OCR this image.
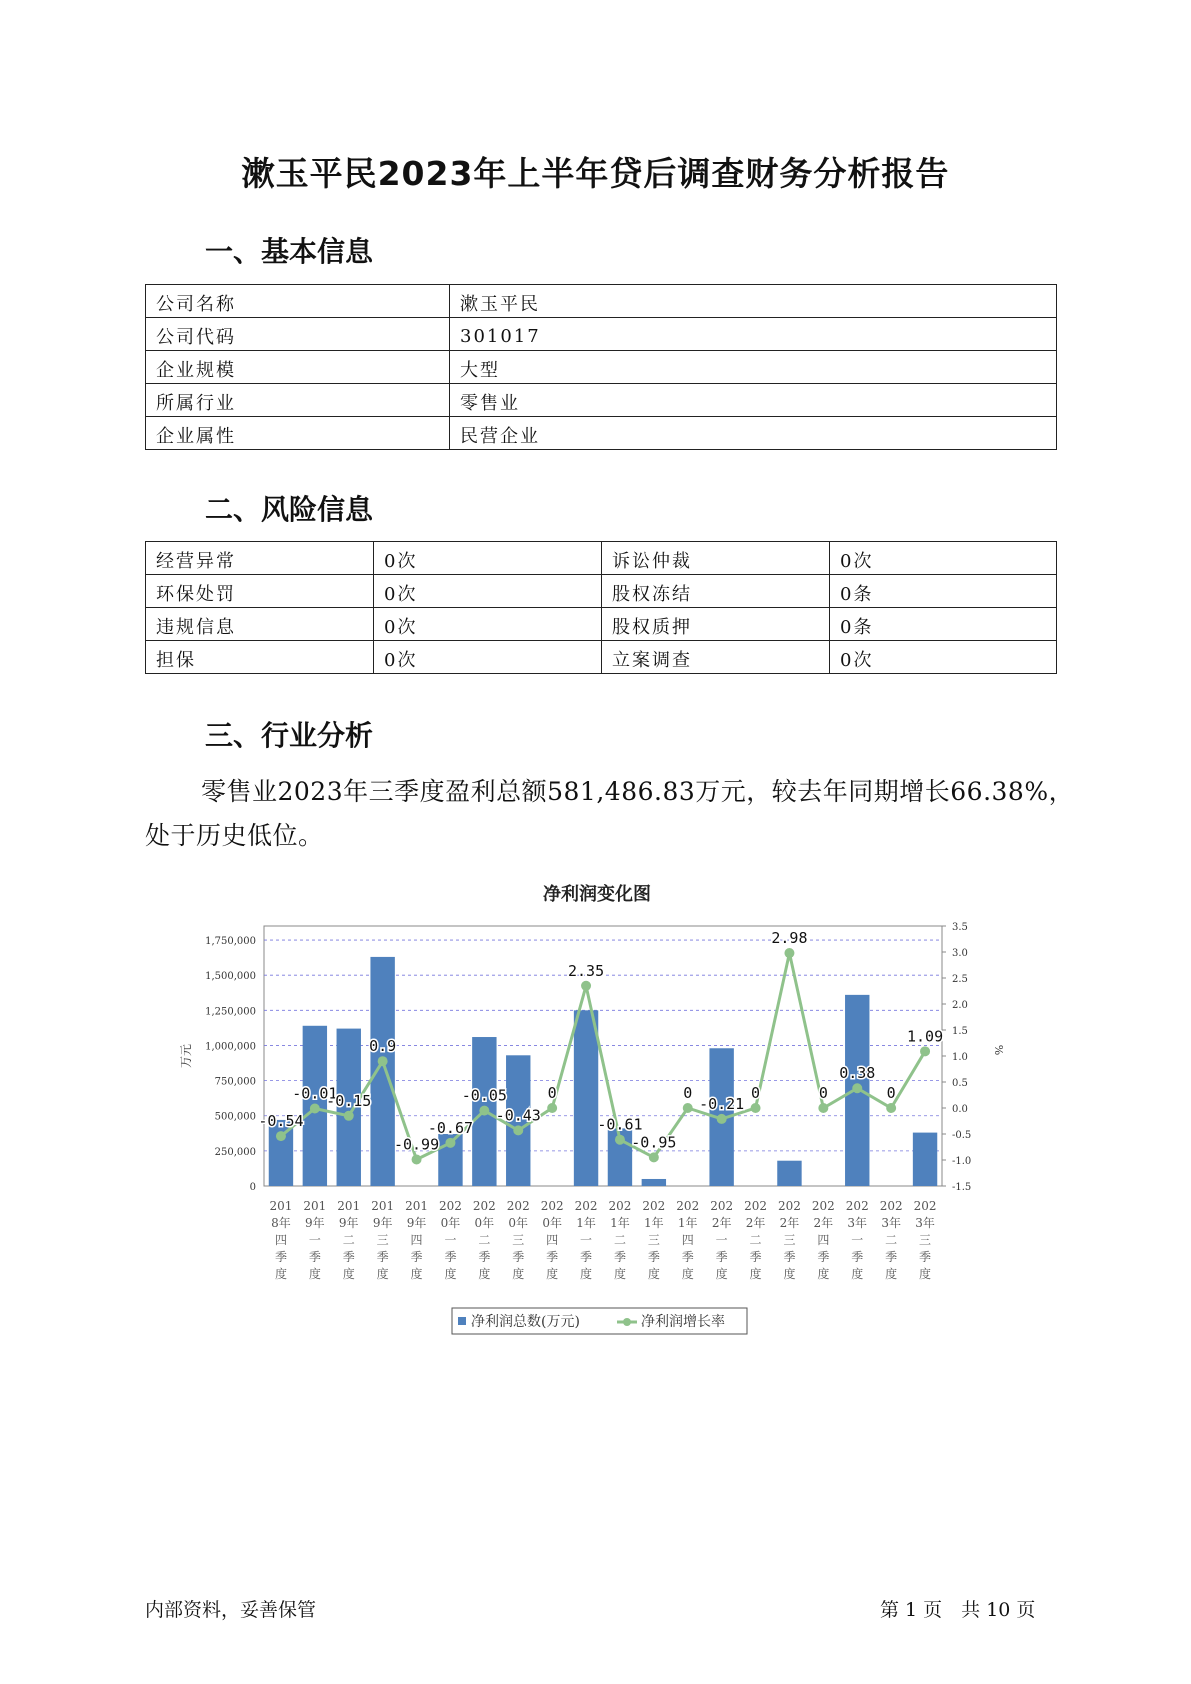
漱玉平民2023年上半年贷后调查财务分析报告
一、基本信息
公司名称	漱玉平民
公司代码	301017
企业规模	大型
所属行业	零售业
企业属性	民营企业
二、风险信息
经营异常	0次	诉讼仲裁	0次
环保处罚	0次	股权冻结	0条
违规信息	0次	股权质押	0条
担保	0次	立案调查	0次
三、行业分析
零售业2023年三季度盈利总额581,486.83万元，较去年同期增长66.38%，处于历史低位。
净利润变化图
0
250,000
500,000
750,000
1,000,000
1,250,000
1,500,000
1,750,000
-1.5
-1.0
-0.5
0.0
0.5
1.0
1.5
2.0
2.5
3.0
3.5
万元	%
-0.54
-0.01
-0.15
0.9
-0.99
-0.67
-0.05
-0.43
0
2.35
-0.61
-0.95
0
-0.21
0
2.98
0
0.38
0
1.09
201
8年
四
季
度
201
9年
一
季
度
201
9年
二
季
度
201
9年
三
季
度
201
9年
四
季
度
202
0年
一
季
度
202
0年
二
季
度
202
0年
三
季
度
202
0年
四
季
度
202
1年
一
季
度
202
1年
二
季
度
202
1年
三
季
度
202
1年
四
季
度
202
2年
一
季
度
202
2年
二
季
度
202
2年
三
季
度
202
2年
四
季
度
202
3年
一
季
度
202
3年
二
季
度
202
3年
三
季
度
净利润总数(万元)	净利润增长率
内部资料，妥善保管	第 1 页　共 10 页
